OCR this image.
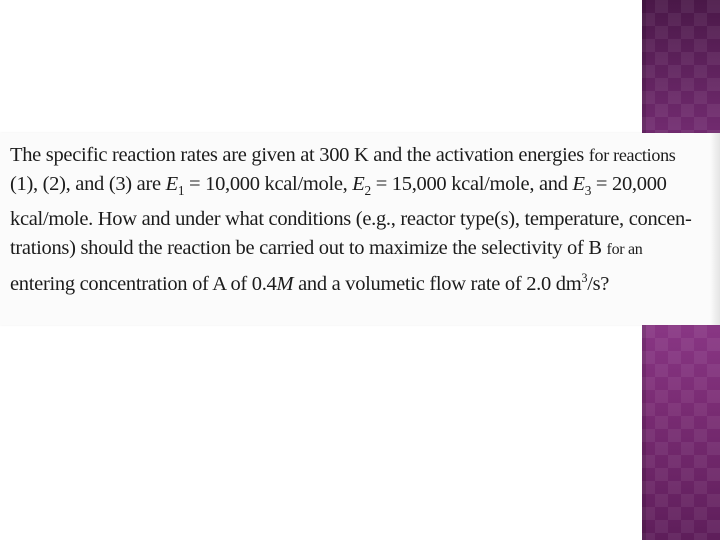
The specific reaction rates are given at 300 K and the activation energies for reactions
(1), (2), and (3) are $E_1 = 10,000$ kcal/mole, $E_2 = 15,000$ kcal/mole, and $E_3 = 20,000$
kcal/mole. How and under what conditions (e.g., reactor type(s), temperature, concen-
trations) should the reaction be carried out to maximize the selectivity of B for an
entering concentration of A of 0.4M and a volumetic flow rate of 2.0 $dm^3/s$?
